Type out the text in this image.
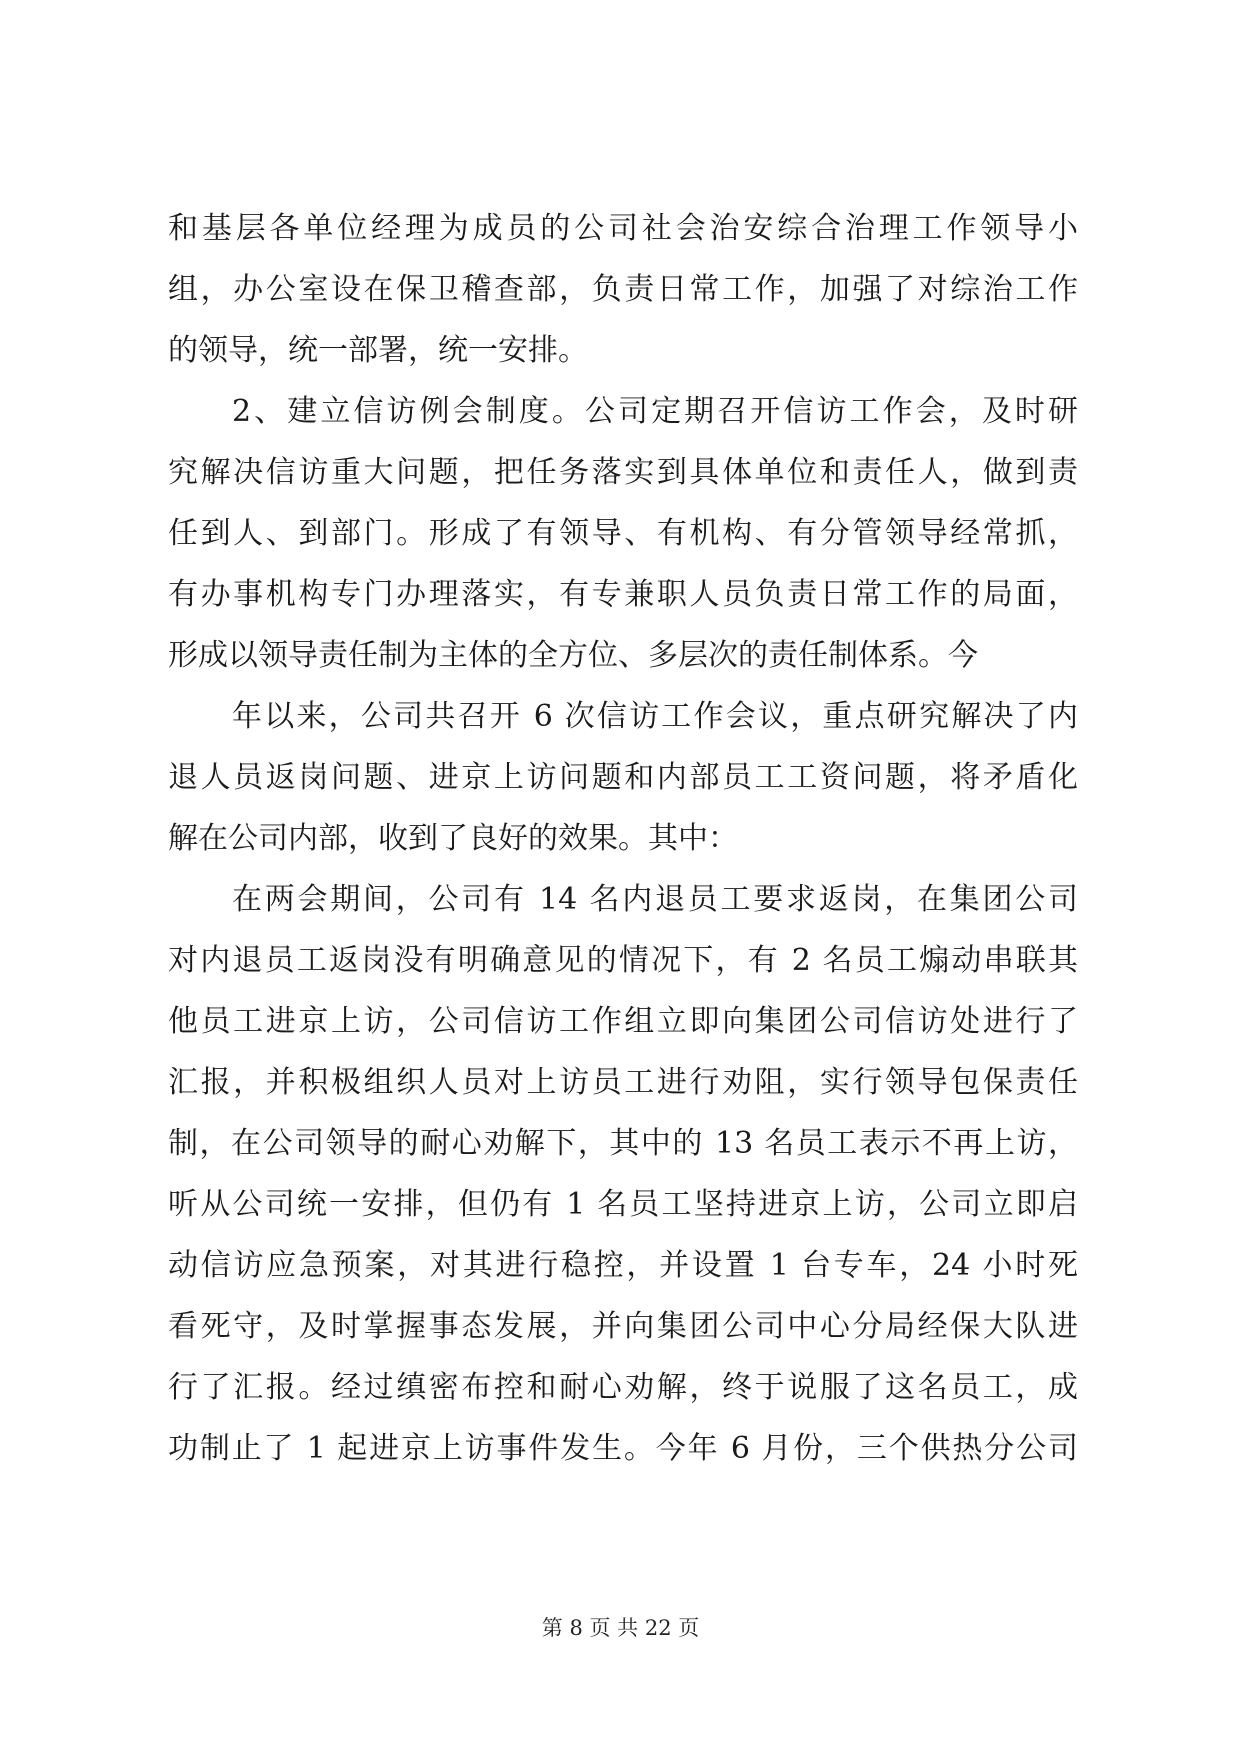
和基层各单位经理为成员的公司社会治安综合治理工作领导小
组，办公室设在保卫稽查部，负责日常工作，加强了对综治工作
的领导，统一部署，统一安排。
2、建立信访例会制度。公司定期召开信访工作会，及时研
究解决信访重大问题，把任务落实到具体单位和责任人，做到责
任到人、到部门。形成了有领导、有机构、有分管领导经常抓，
有办事机构专门办理落实，有专兼职人员负责日常工作的局面，
形成以领导责任制为主体的全方位、多层次的责任制体系。今
年以来，公司共召开 6 次信访工作会议，重点研究解决了内
退人员返岗问题、进京上访问题和内部员工工资问题，将矛盾化
解在公司内部，收到了良好的效果。其中：
在两会期间，公司有 14 名内退员工要求返岗，在集团公司
对内退员工返岗没有明确意见的情况下，有 2 名员工煽动串联其
他员工进京上访，公司信访工作组立即向集团公司信访处进行了
汇报，并积极组织人员对上访员工进行劝阻，实行领导包保责任
制，在公司领导的耐心劝解下，其中的 13 名员工表示不再上访，
听从公司统一安排，但仍有 1 名员工坚持进京上访，公司立即启
动信访应急预案，对其进行稳控，并设置 1 台专车，24 小时死
看死守，及时掌握事态发展，并向集团公司中心分局经保大队进
行了汇报。经过缜密布控和耐心劝解，终于说服了这名员工，成
功制止了 1 起进京上访事件发生。今年 6 月份，三个供热分公司
第 8 页 共 22 页
